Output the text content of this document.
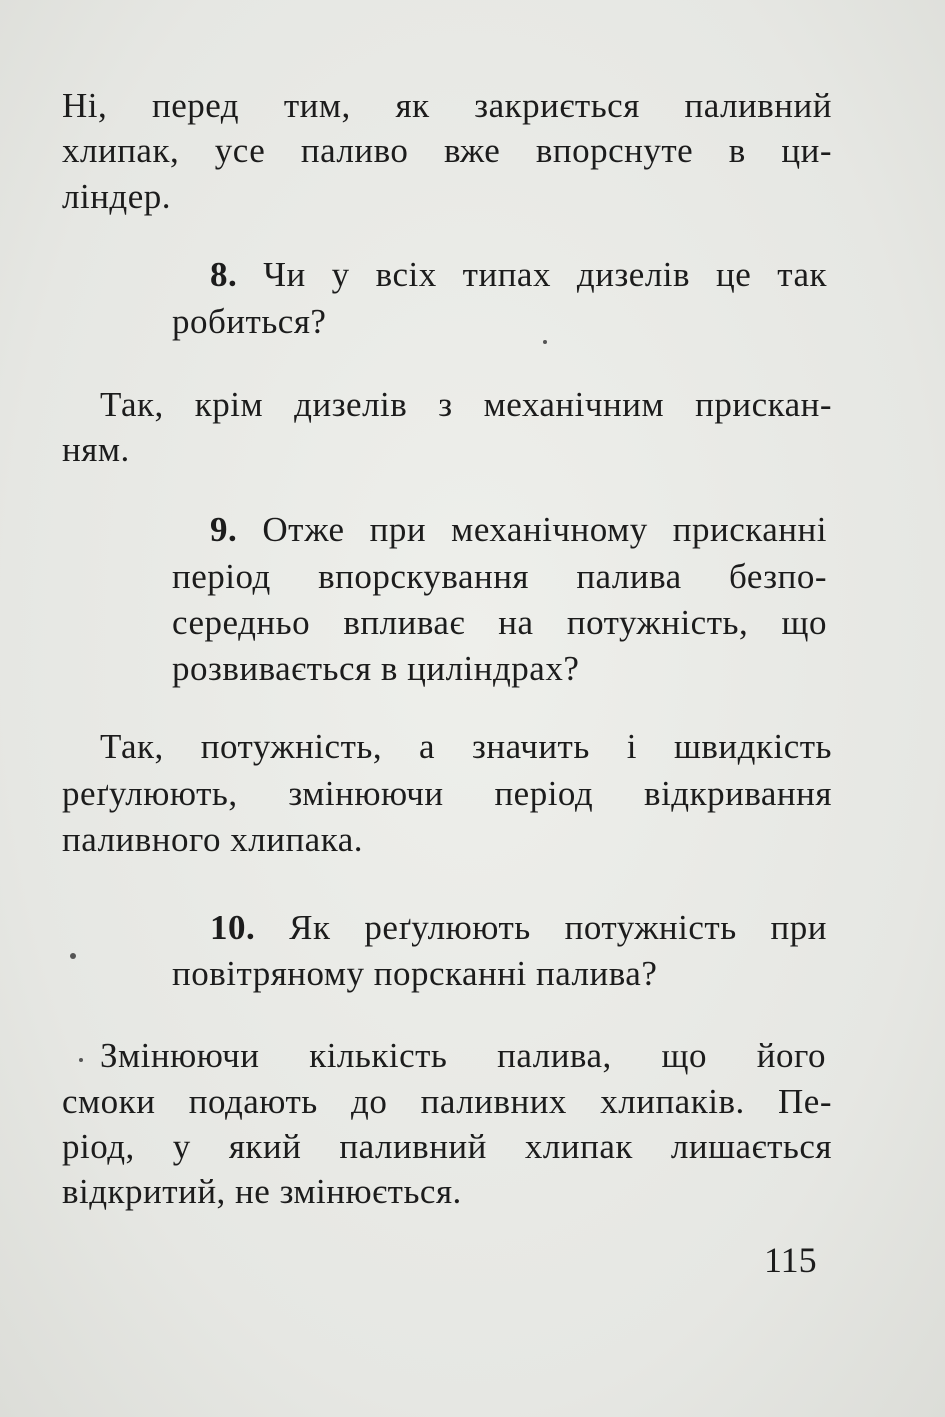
Ні, перед тим, як закриється паливний
хлипак, усе паливо вже впорснуте в ци-
ліндер.
8. Чи у всіх типах дизелів це так
робиться?
Так, крім дизелів з механічним прискан-
ням.
9. Отже при механічному присканні
період впорскування палива безпо-
середньо впливає на потужність, що
розвивається в циліндрах?
Так, потужність, а значить і швидкість
реґулюють, змінюючи період відкривання
паливного хлипака.
10. Як реґулюють потужність при
повітряному порсканні палива?
Змінюючи кількість палива, що його
смоки подають до паливних хлипаків. Пе-
ріод, у який паливний хлипак лишається
відкритий, не змінюється.
115
